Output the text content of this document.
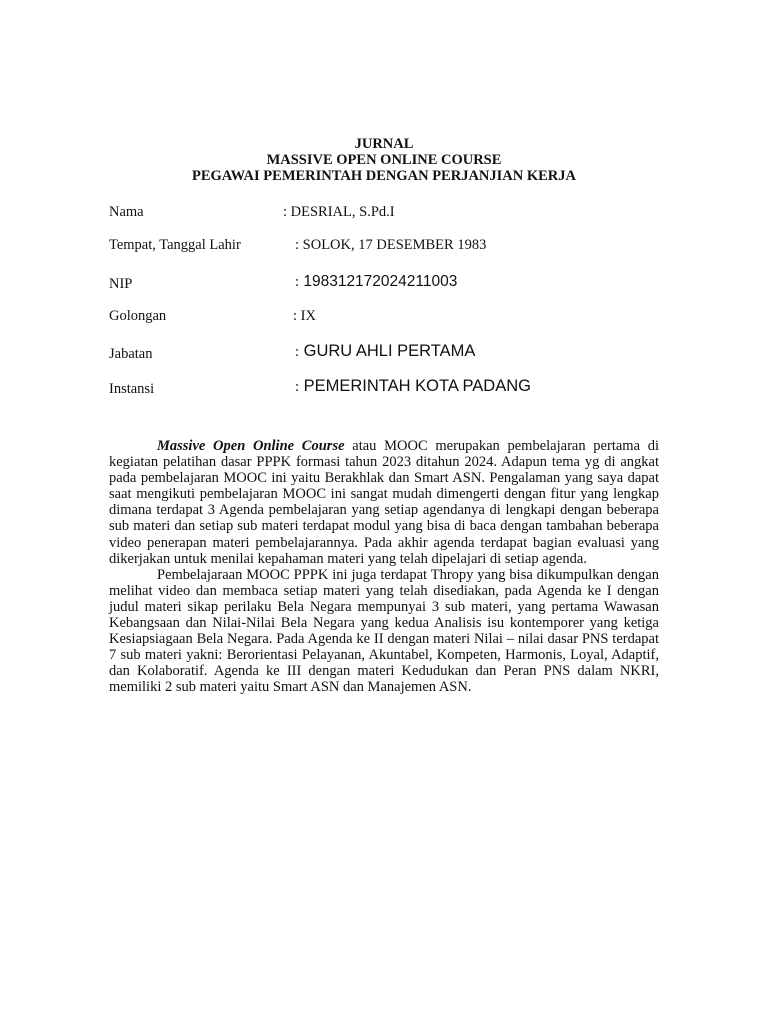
JURNAL
MASSIVE OPEN ONLINE COURSE
PEGAWAI PEMERINTAH DENGAN PERJANJIAN KERJA
Nama	: DESRIAL, S.Pd.I
Tempat, Tanggal Lahir	: SOLOK, 17 DESEMBER 1983
NIP	: 198312172024211003
Golongan	: IX
Jabatan	: GURU AHLI PERTAMA
Instansi	: PEMERINTAH KOTA PADANG

Massive Open Online Course atau MOOC merupakan pembelajaran pertama di kegiatan pelatihan dasar PPPK formasi tahun 2023 ditahun 2024. Adapun tema yg di angkat pada pembelajaran MOOC ini yaitu Berakhlak dan Smart ASN. Pengalaman yang saya dapat saat mengikuti pembelajaran MOOC ini sangat mudah dimengerti dengan fitur yang lengkap dimana terdapat 3 Agenda pembelajaran yang setiap agendanya di lengkapi dengan beberapa sub materi dan setiap sub materi terdapat modul yang bisa di baca dengan tambahan beberapa video penerapan materi pembelajarannya. Pada akhir agenda terdapat bagian evaluasi yang dikerjakan untuk menilai kepahaman materi yang telah dipelajari di setiap agenda.

Pembelajaraan MOOC PPPK ini juga terdapat Thropy yang bisa dikumpulkan dengan melihat video dan membaca setiap materi yang telah disediakan, pada Agenda ke I dengan judul materi sikap perilaku Bela Negara mempunyai 3 sub materi, yang pertama Wawasan Kebangsaan dan Nilai-Nilai Bela Negara yang kedua Analisis isu kontemporer yang ketiga Kesiapsiagaan Bela Negara. Pada Agenda ke II dengan materi Nilai – nilai dasar PNS terdapat 7 sub materi yakni: Berorientasi Pelayanan, Akuntabel, Kompeten, Harmonis, Loyal, Adaptif, dan Kolaboratif. Agenda ke III dengan materi Kedudukan dan Peran PNS dalam NKRI, memiliki 2 sub materi yaitu Smart ASN dan Manajemen ASN.
